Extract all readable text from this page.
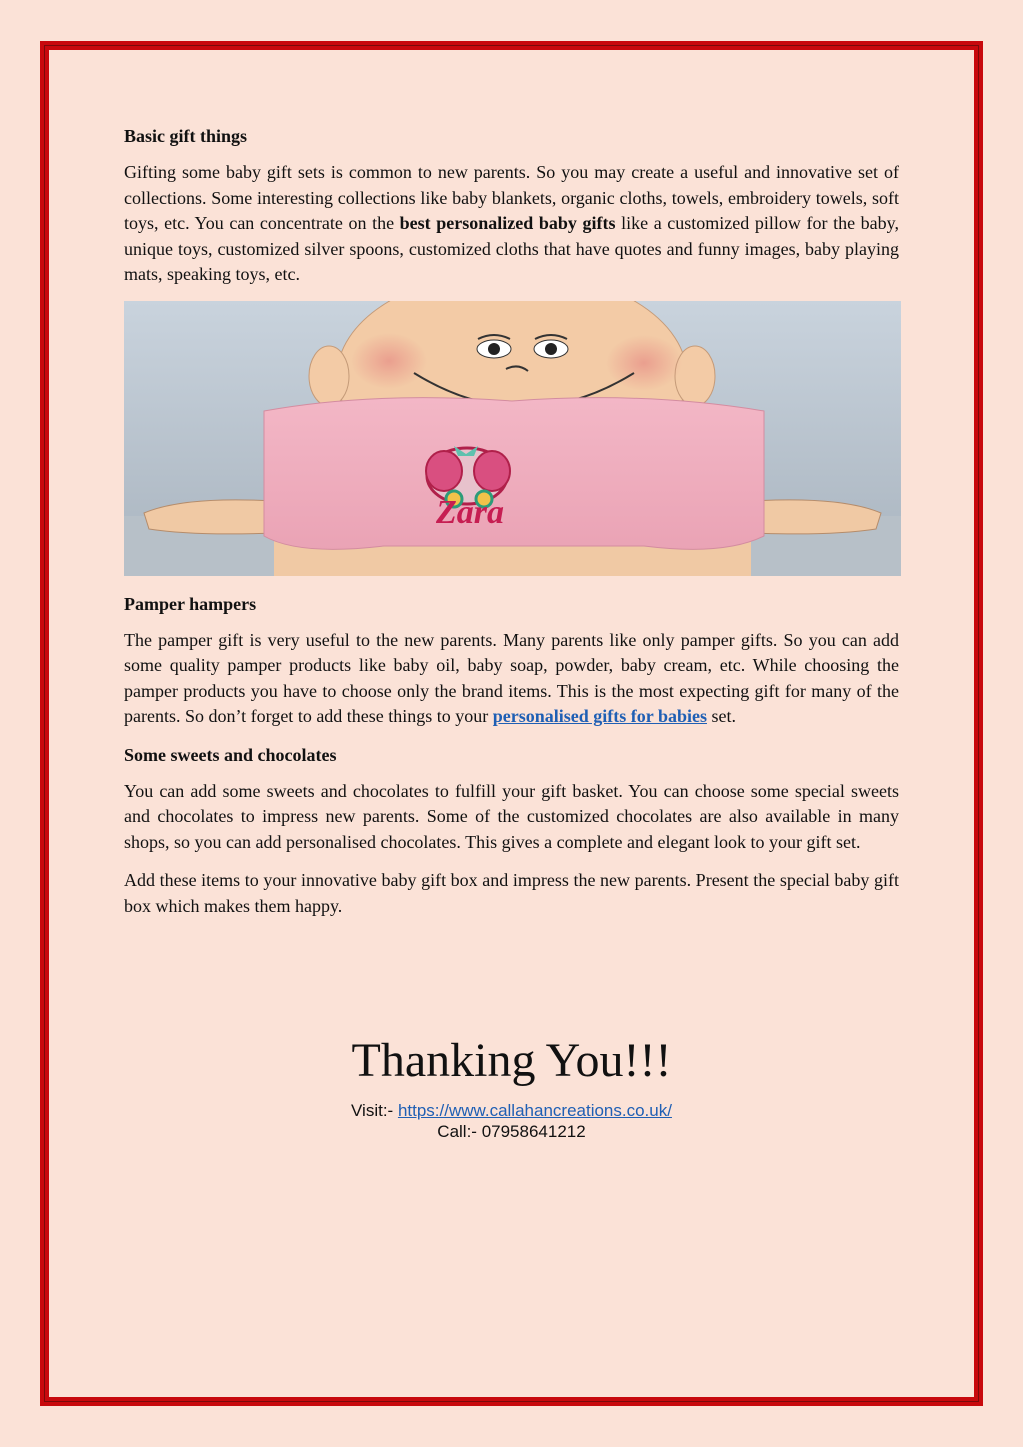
Basic gift things

Gifting some baby gift sets is common to new parents. So you may create a useful and innovative set of collections. Some interesting collections like baby blankets, organic cloths, towels, embroidery towels, soft toys, etc. You can concentrate on the best personalized baby gifts like a customized pillow for the baby, unique toys, customized silver spoons, customized cloths that have quotes and funny images, baby playing mats, speaking toys, etc.

Zara
Pamper hampers

The pamper gift is very useful to the new parents. Many parents like only pamper gifts. So you can add some quality pamper products like baby oil, baby soap, powder, baby cream, etc. While choosing the pamper products you have to choose only the brand items. This is the most expecting gift for many of the parents. So don’t forget to add these things to your personalised gifts for babies set.

Some sweets and chocolates

You can add some sweets and chocolates to fulfill your gift basket. You can choose some special sweets and chocolates to impress new parents. Some of the customized chocolates are also available in many shops, so you can add personalised chocolates. This gives a complete and elegant look to your gift set.

Add these items to your innovative baby gift box and impress the new parents. Present the special baby gift box which makes them happy.

Thanking You!!!
Visit:- https://www.callahancreations.co.uk/
Call:- 07958641212
